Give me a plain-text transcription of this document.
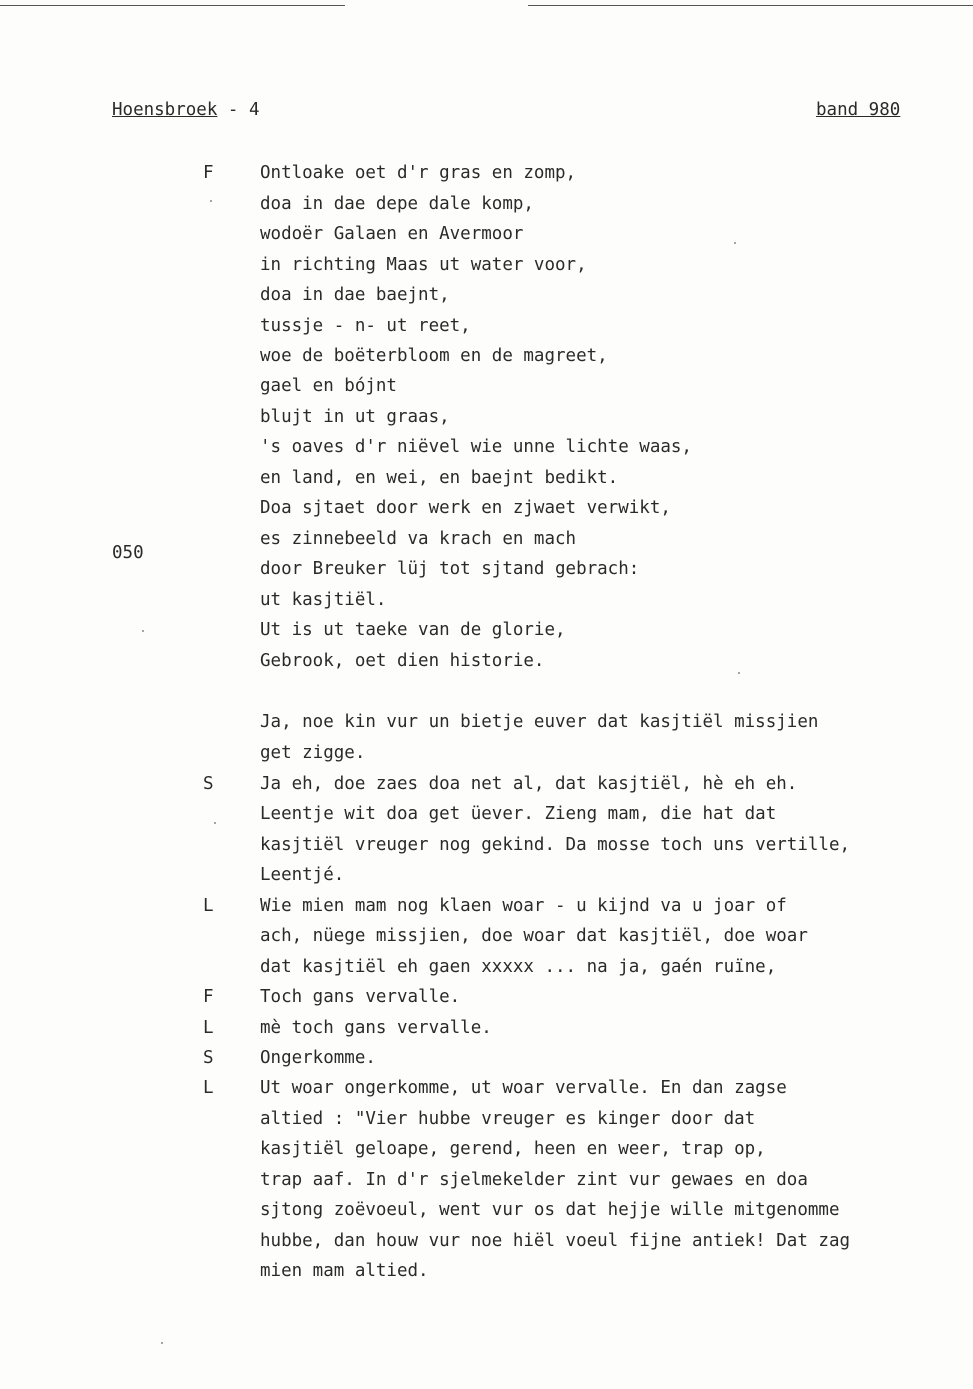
Hoensbroek - 4	band 980
050
F	Ontloake oet d'r gras en zomp,
doa in dae depe dale komp,
wodoër Galaen en Avermoor
in richting Maas ut water voor,
doa in dae baejnt,
tussje - n- ut reet,
woe de boëterbloom en de magreet,
gael en bójnt
blujt in ut graas,
's oaves d'r niëvel wie unne lichte waas,
en land, en wei, en baejnt bedikt.
Doa sjtaet door werk en zjwaet verwikt,
es zinnebeeld va krach en mach
door Breuker lüj tot sjtand gebrach:
ut kasjtiël.
Ut is ut taeke van de glorie,
Gebrook, oet dien historie.
Ja, noe kin vur un bietje euver dat kasjtiël missjien
get zigge.
S	Ja eh, doe zaes doa net al, dat kasjtiël, hè eh eh.
Leentje wit doa get üever. Zieng mam, die hat dat
kasjtiël vreuger nog gekind. Da mosse toch uns vertille,
Leentjé.
L	Wie mien mam nog klaen woar - u kijnd va u joar of
ach, nüege missjien, doe woar dat kasjtiël, doe woar
dat kasjtiël eh gaen xxxxx ... na ja, gaén ruïne,
F	Toch gans vervalle.
L	mè toch gans vervalle.
S	Ongerkomme.
L	Ut woar ongerkomme, ut woar vervalle. En dan zagse
altied : "Vier hubbe vreuger es kinger door dat
kasjtiël geloape, gerend, heen en weer, trap op,
trap aaf. In d'r sjelmekelder zint vur gewaes en doa
sjtong zoëvoeul, went vur os dat hejje wille mitgenomme
hubbe, dan houw vur noe hiël voeul fijne antiek! Dat zag
mien mam altied.
